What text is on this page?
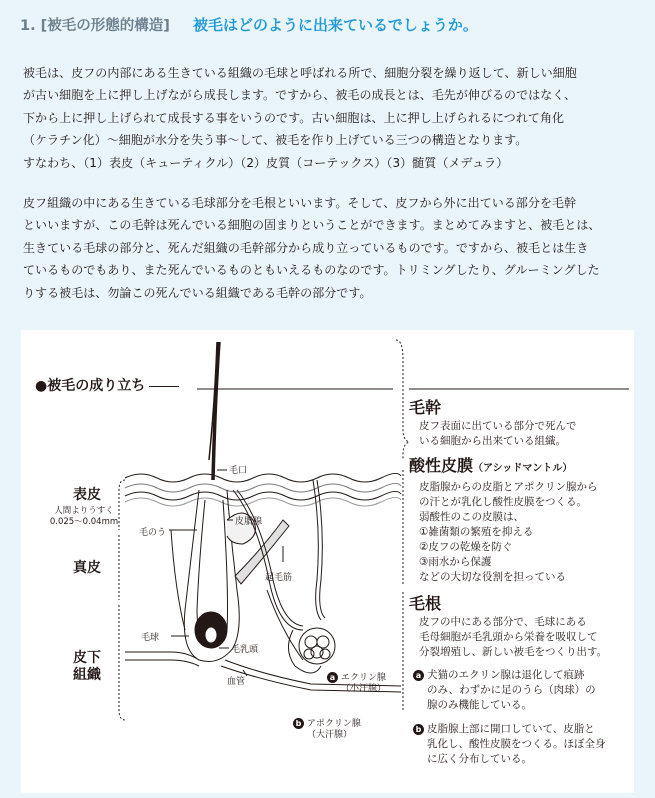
1. [被毛の形態的構造] 被毛はどのように出来ているでしょうか。

被毛は、皮フの内部にある生きている組織の毛球と呼ばれる所で、細胞分裂を繰り返して、新しい細胞

が古い細胞を上に押し上げながら成長します。ですから、被毛の成長とは、毛先が伸びるのではなく、

下から上に押し上げられて成長する事をいうのです。古い細胞は、上に押し上げられるにつれて角化

（ケラチン化）〜細胞が水分を失う事〜して、被毛を作り上げている三つの構造となります。

すなわち、（1）表皮（キューティクル）（2）皮質（コーテックス）（3）髄質（メデュラ）

皮フ組織の中にある生きている毛球部分を毛根といいます。そして、皮フから外に出ている部分を毛幹

といいますが、この毛幹は死んでいる細胞の固まりということができます。まとめてみますと、被毛とは、

生きている毛球の部分と、死んだ組織の毛幹部分から成り立っているものです。ですから、被毛とは生き

ているものでもあり、また死んでいるものともいえるものなのです。トリミングしたり、グルーミングした

りする被毛は、勿論この死んでいる組織である毛幹の部分です。

●被毛の成り立ち
表皮
人間よりうすく
0.025〜0.04mm
真皮
皮下
組織
毛口
毛のう
皮脂腺
起毛筋
毛球
毛乳頭
血管	a エクリン腺
（小汗腺）
b アポクリン腺
（大汗腺）
毛幹

皮フ表面に出ている部分で死んで

いる細胞から出来ている組織。

酸性皮膜（アシッドマントル）

皮脂腺からの皮脂とアポクリン腺から

の汗とが乳化し酸性皮膜をつくる。

弱酸性のこの皮膜は、

①雑菌類の繁殖を抑える

②皮フの乾燥を防ぐ

③雨水から保護

などの大切な役割を担っている

毛根

皮フの中にある部分で、毛球にある

毛母細胞が毛乳頭から栄養を吸収して

分裂増殖し、新しい被毛をつくり出す。

a 犬猫のエクリン腺は退化して痕跡
のみ、わずかに足のうら（肉球）の
腺のみ機能している。
b 皮脂腺上部に開口していて、皮脂と
乳化し、酸性皮膜をつくる。ほぼ全身
に広く分布している。
